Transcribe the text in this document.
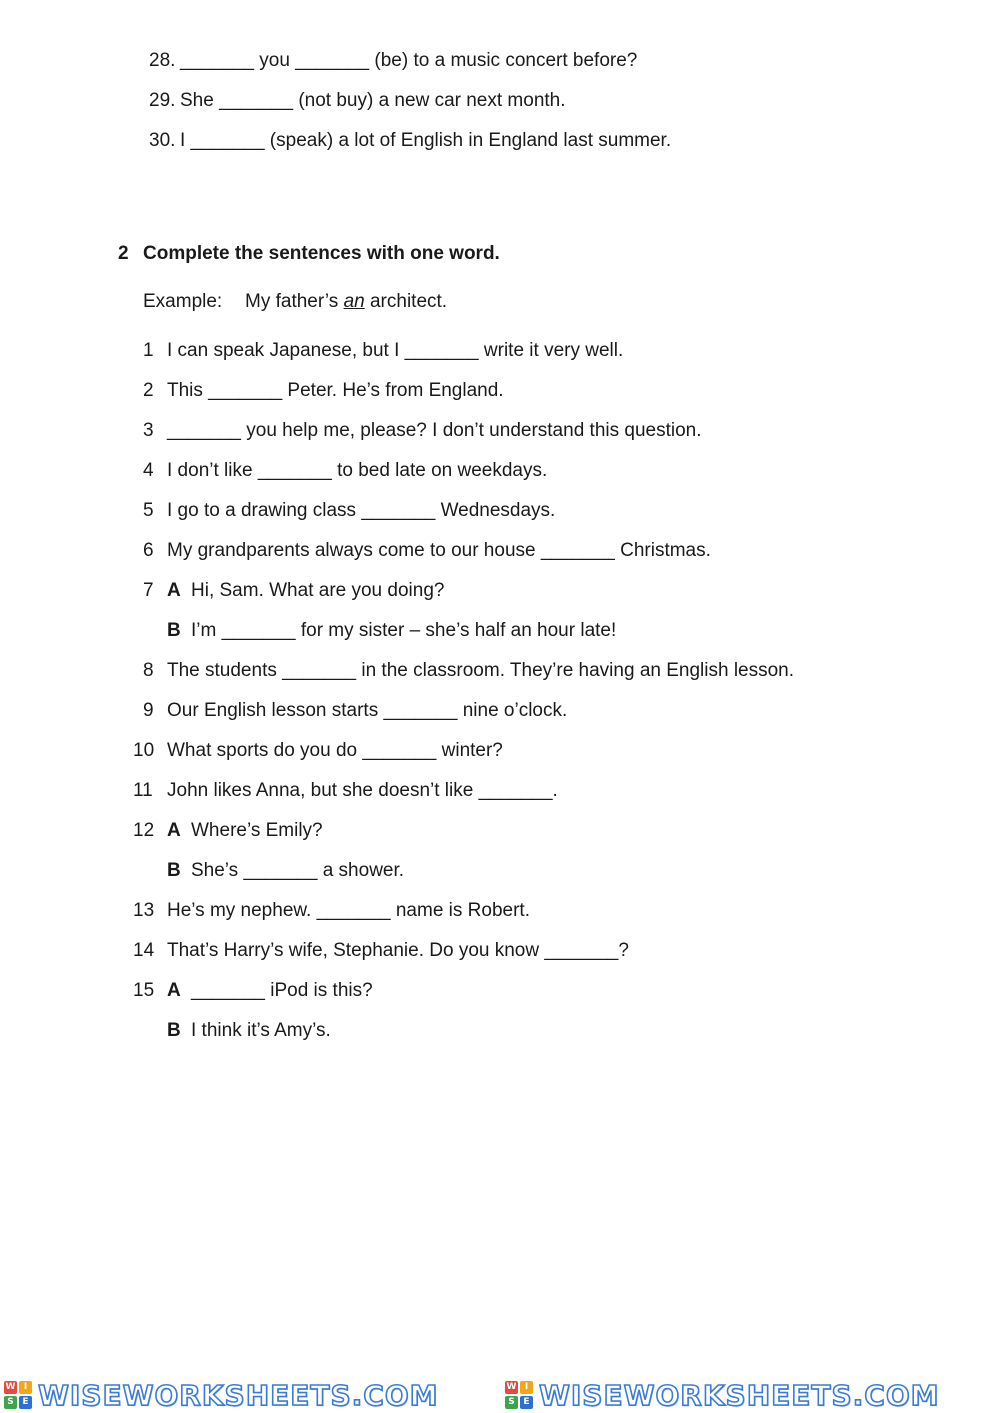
28. _______ you _______ (be) to a music concert before?
29. She _______ (not buy) a new car next month.
30. I _______ (speak) a lot of English in England last summer.
2 Complete the sentences with one word.
Example: My father’s an architect.
1 I can speak Japanese, but I _______ write it very well.
2 This _______ Peter. He’s from England.
3 _______ you help me, please? I don’t understand this question.
4 I don’t like _______ to bed late on weekdays.
5 I go to a drawing class _______ Wednesdays.
6 My grandparents always come to our house _______ Christmas.
7 A Hi, Sam. What are you doing?
B I’m _______ for my sister – she’s half an hour late!
8 The students _______ in the classroom. They’re having an English lesson.
9 Our English lesson starts _______ nine o’clock.
10 What sports do you do _______ winter?
11 John likes Anna, but she doesn’t like _______.
12 A Where’s Emily?
B She’s _______ a shower.
13 He’s my nephew. _______ name is Robert.
14 That’s Harry’s wife, Stephanie. Do you know _______?
15 A _______ iPod is this?
B I think it’s Amy’s.
W I
S E WISEWORKSHEETS.COM	W I
S E WISEWORKSHEETS.COM
